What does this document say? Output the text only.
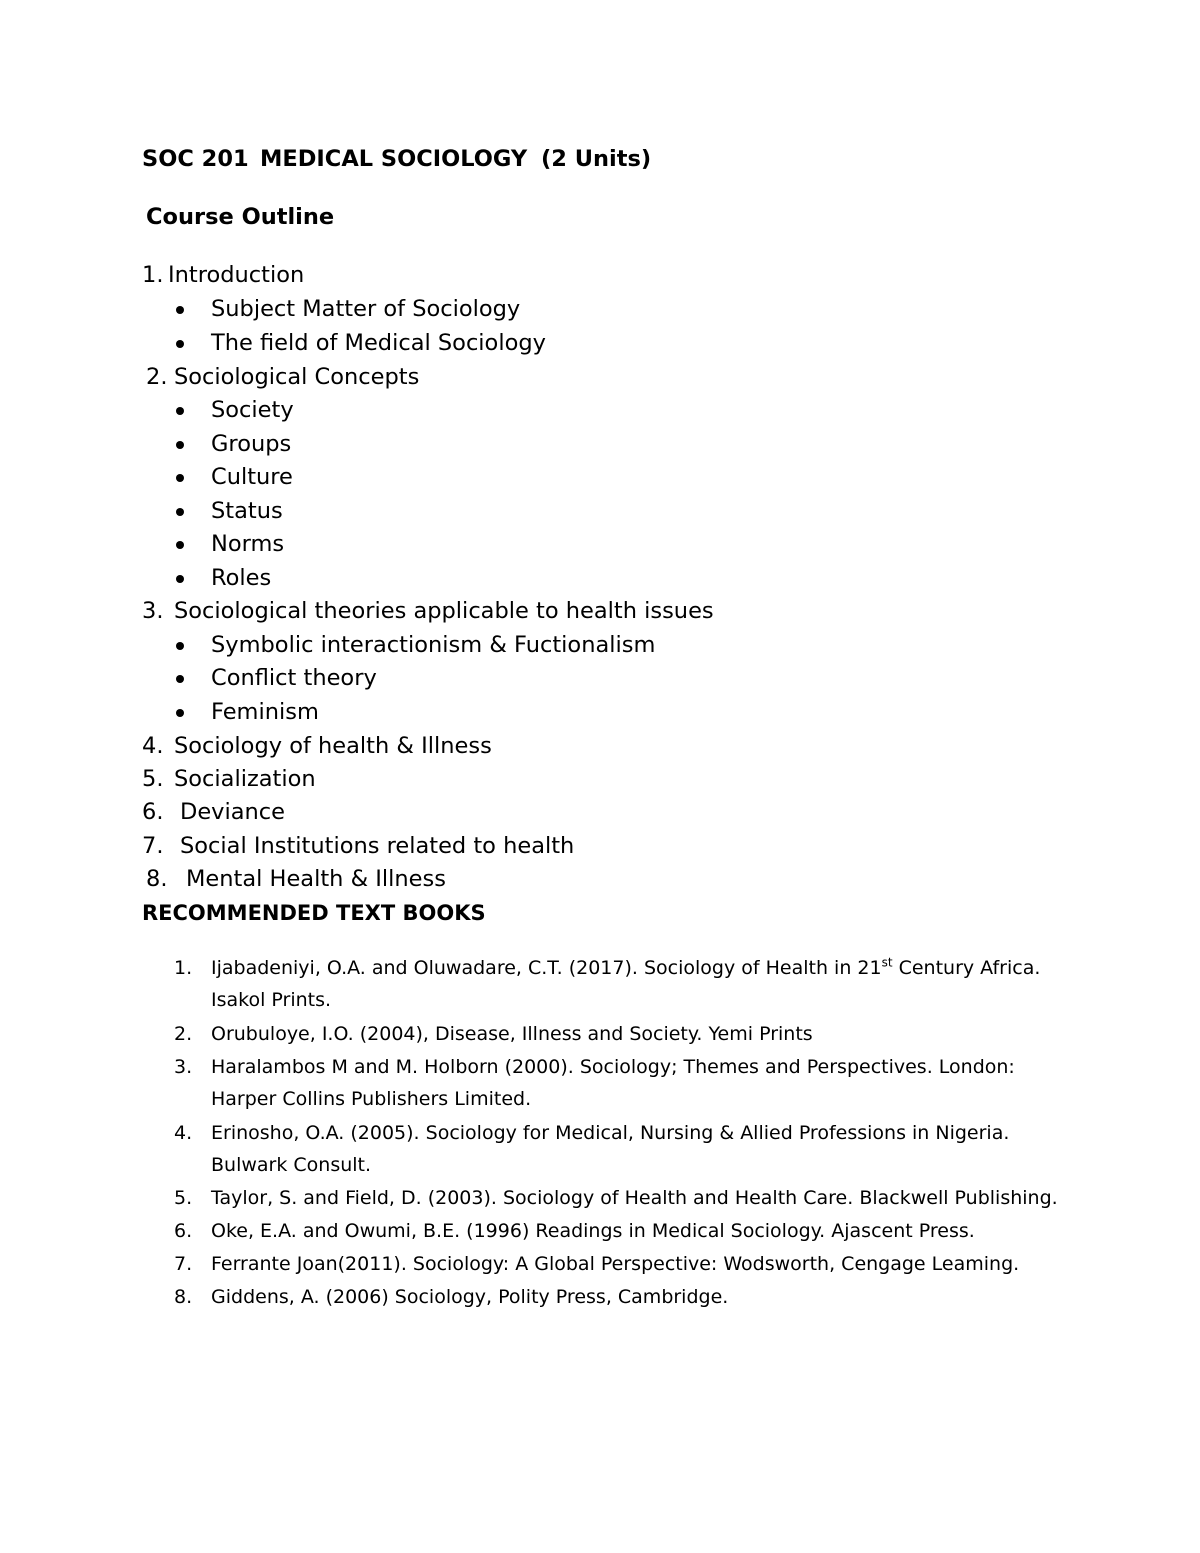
SOC 201 MEDICAL SOCIOLOGY (2 Units)
Course Outline
1. Introduction
Subject Matter of Sociology
The field of Medical Sociology
2. Sociological Concepts
Society
Groups
Culture
Status
Norms
Roles
3. Sociological theories applicable to health issues
Symbolic interactionism & Fuctionalism
Conflict theory
Feminism
4. Sociology of health & Illness
5. Socialization
6. Deviance
7. Social Institutions related to health
8. Mental Health & Illness
RECOMMENDED TEXT BOOKS
1. Ijabadeniyi, O.A. and Oluwadare, C.T. (2017). Sociology of Health in 21st Century Africa.
Isakol Prints.
2. Orubuloye, I.O. (2004), Disease, Illness and Society. Yemi Prints
3. Haralambos M and M. Holborn (2000). Sociology; Themes and Perspectives. London:
Harper Collins Publishers Limited.
4. Erinosho, O.A. (2005). Sociology for Medical, Nursing & Allied Professions in Nigeria.
Bulwark Consult.
5. Taylor, S. and Field, D. (2003). Sociology of Health and Health Care. Blackwell Publishing.
6. Oke, E.A. and Owumi, B.E. (1996) Readings in Medical Sociology. Ajascent Press.
7. Ferrante Joan(2011). Sociology: A Global Perspective: Wodsworth, Cengage Leaming.
8. Giddens, A. (2006) Sociology, Polity Press, Cambridge.
